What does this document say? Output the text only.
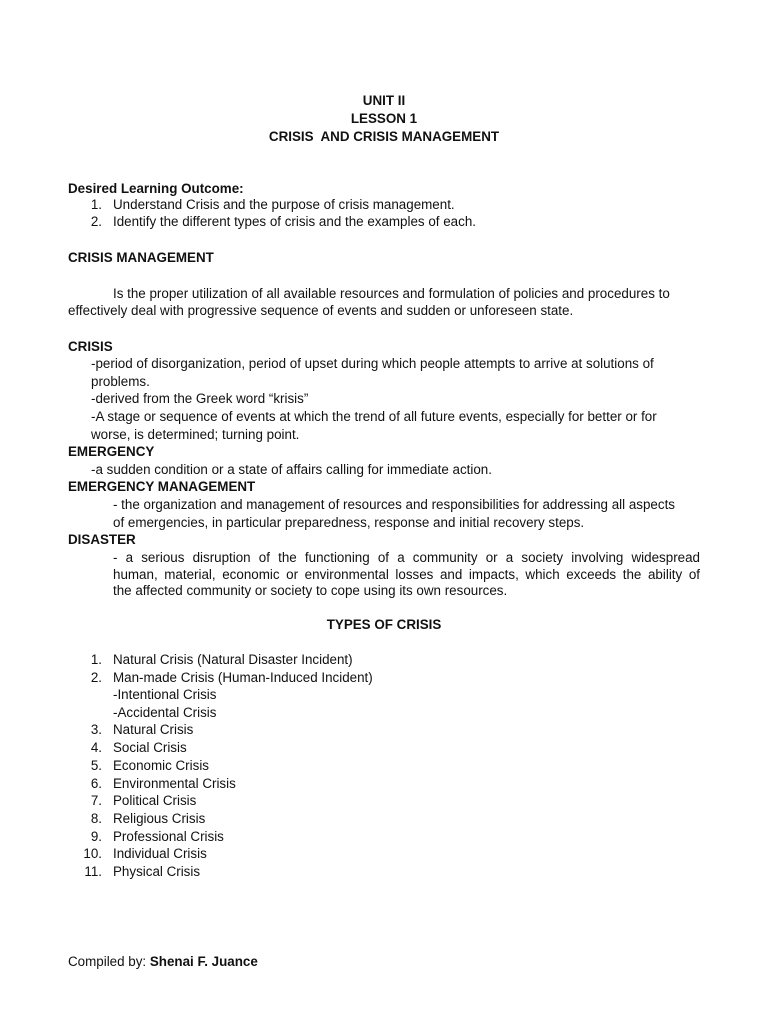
UNIT II
LESSON 1
CRISIS  AND CRISIS MANAGEMENT
Desired Learning Outcome:
1. Understand Crisis and the purpose of crisis management.
2. Identify the different types of crisis and the examples of each.
CRISIS MANAGEMENT
Is the proper utilization of all available resources and formulation of policies and procedures to
effectively deal with progressive sequence of events and sudden or unforeseen state.
CRISIS
-period of disorganization, period of upset during which people attempts to arrive at solutions of
problems.
-derived from the Greek word “krisis”
-A stage or sequence of events at which the trend of all future events, especially for better or for
worse, is determined; turning point.
EMERGENCY
-a sudden condition or a state of affairs calling for immediate action.
EMERGENCY MANAGEMENT
- the organization and management of resources and responsibilities for addressing all aspects
of emergencies, in particular preparedness, response and initial recovery steps.
DISASTER
- a serious disruption of the functioning of a community or a society involving widespread
human, material, economic or environmental losses and impacts, which exceeds the ability of
the affected community or society to cope using its own resources.
TYPES OF CRISIS
1. Natural Crisis (Natural Disaster Incident)
2. Man-made Crisis (Human-Induced Incident)
-Intentional Crisis
-Accidental Crisis
3. Natural Crisis
4. Social Crisis
5. Economic Crisis
6. Environmental Crisis
7. Political Crisis
8. Religious Crisis
9. Professional Crisis
10. Individual Crisis
11. Physical Crisis
Compiled by: Shenai F. Juance
